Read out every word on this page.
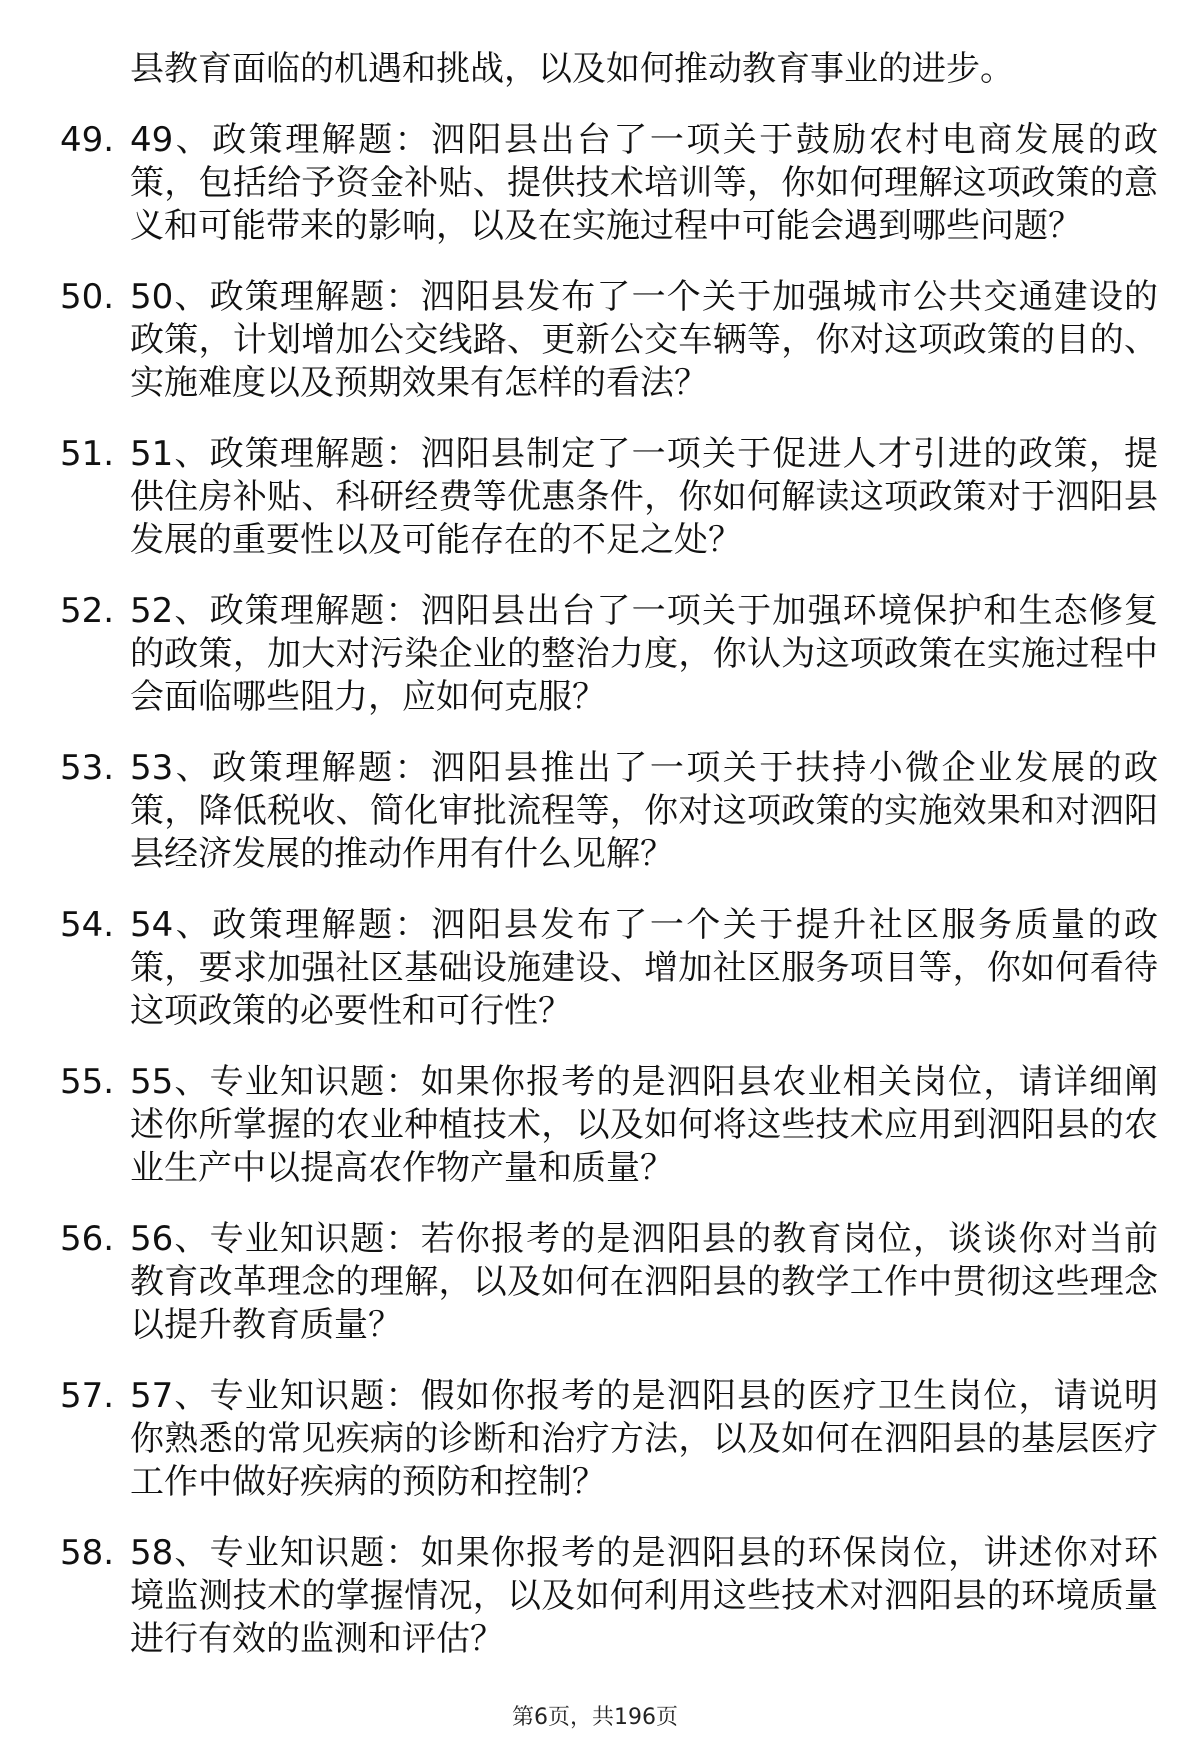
县教育面临的机遇和挑战，以及如何推动教育事业的进步。
49. 49、政策理解题：泗阳县出台了一项关于鼓励农村电商发展的政策，包括给予资金补贴、提供技术培训等，你如何理解这项政策的意义和可能带来的影响，以及在实施过程中可能会遇到哪些问题？
50. 50、政策理解题：泗阳县发布了一个关于加强城市公共交通建设的政策，计划增加公交线路、更新公交车辆等，你对这项政策的目的、实施难度以及预期效果有怎样的看法？
51. 51、政策理解题：泗阳县制定了一项关于促进人才引进的政策，提供住房补贴、科研经费等优惠条件，你如何解读这项政策对于泗阳县发展的重要性以及可能存在的不足之处？
52. 52、政策理解题：泗阳县出台了一项关于加强环境保护和生态修复的政策，加大对污染企业的整治力度，你认为这项政策在实施过程中会面临哪些阻力，应如何克服？
53. 53、政策理解题：泗阳县推出了一项关于扶持小微企业发展的政策，降低税收、简化审批流程等，你对这项政策的实施效果和对泗阳县经济发展的推动作用有什么见解？
54. 54、政策理解题：泗阳县发布了一个关于提升社区服务质量的政策，要求加强社区基础设施建设、增加社区服务项目等，你如何看待这项政策的必要性和可行性？
55. 55、专业知识题：如果你报考的是泗阳县农业相关岗位，请详细阐述你所掌握的农业种植技术，以及如何将这些技术应用到泗阳县的农业生产中以提高农作物产量和质量？
56. 56、专业知识题：若你报考的是泗阳县的教育岗位，谈谈你对当前教育改革理念的理解，以及如何在泗阳县的教学工作中贯彻这些理念以提升教育质量？
57. 57、专业知识题：假如你报考的是泗阳县的医疗卫生岗位，请说明你熟悉的常见疾病的诊断和治疗方法，以及如何在泗阳县的基层医疗工作中做好疾病的预防和控制？
58. 58、专业知识题：如果你报考的是泗阳县的环保岗位，讲述你对环境监测技术的掌握情况，以及如何利用这些技术对泗阳县的环境质量进行有效的监测和评估？
第6页，共196页
